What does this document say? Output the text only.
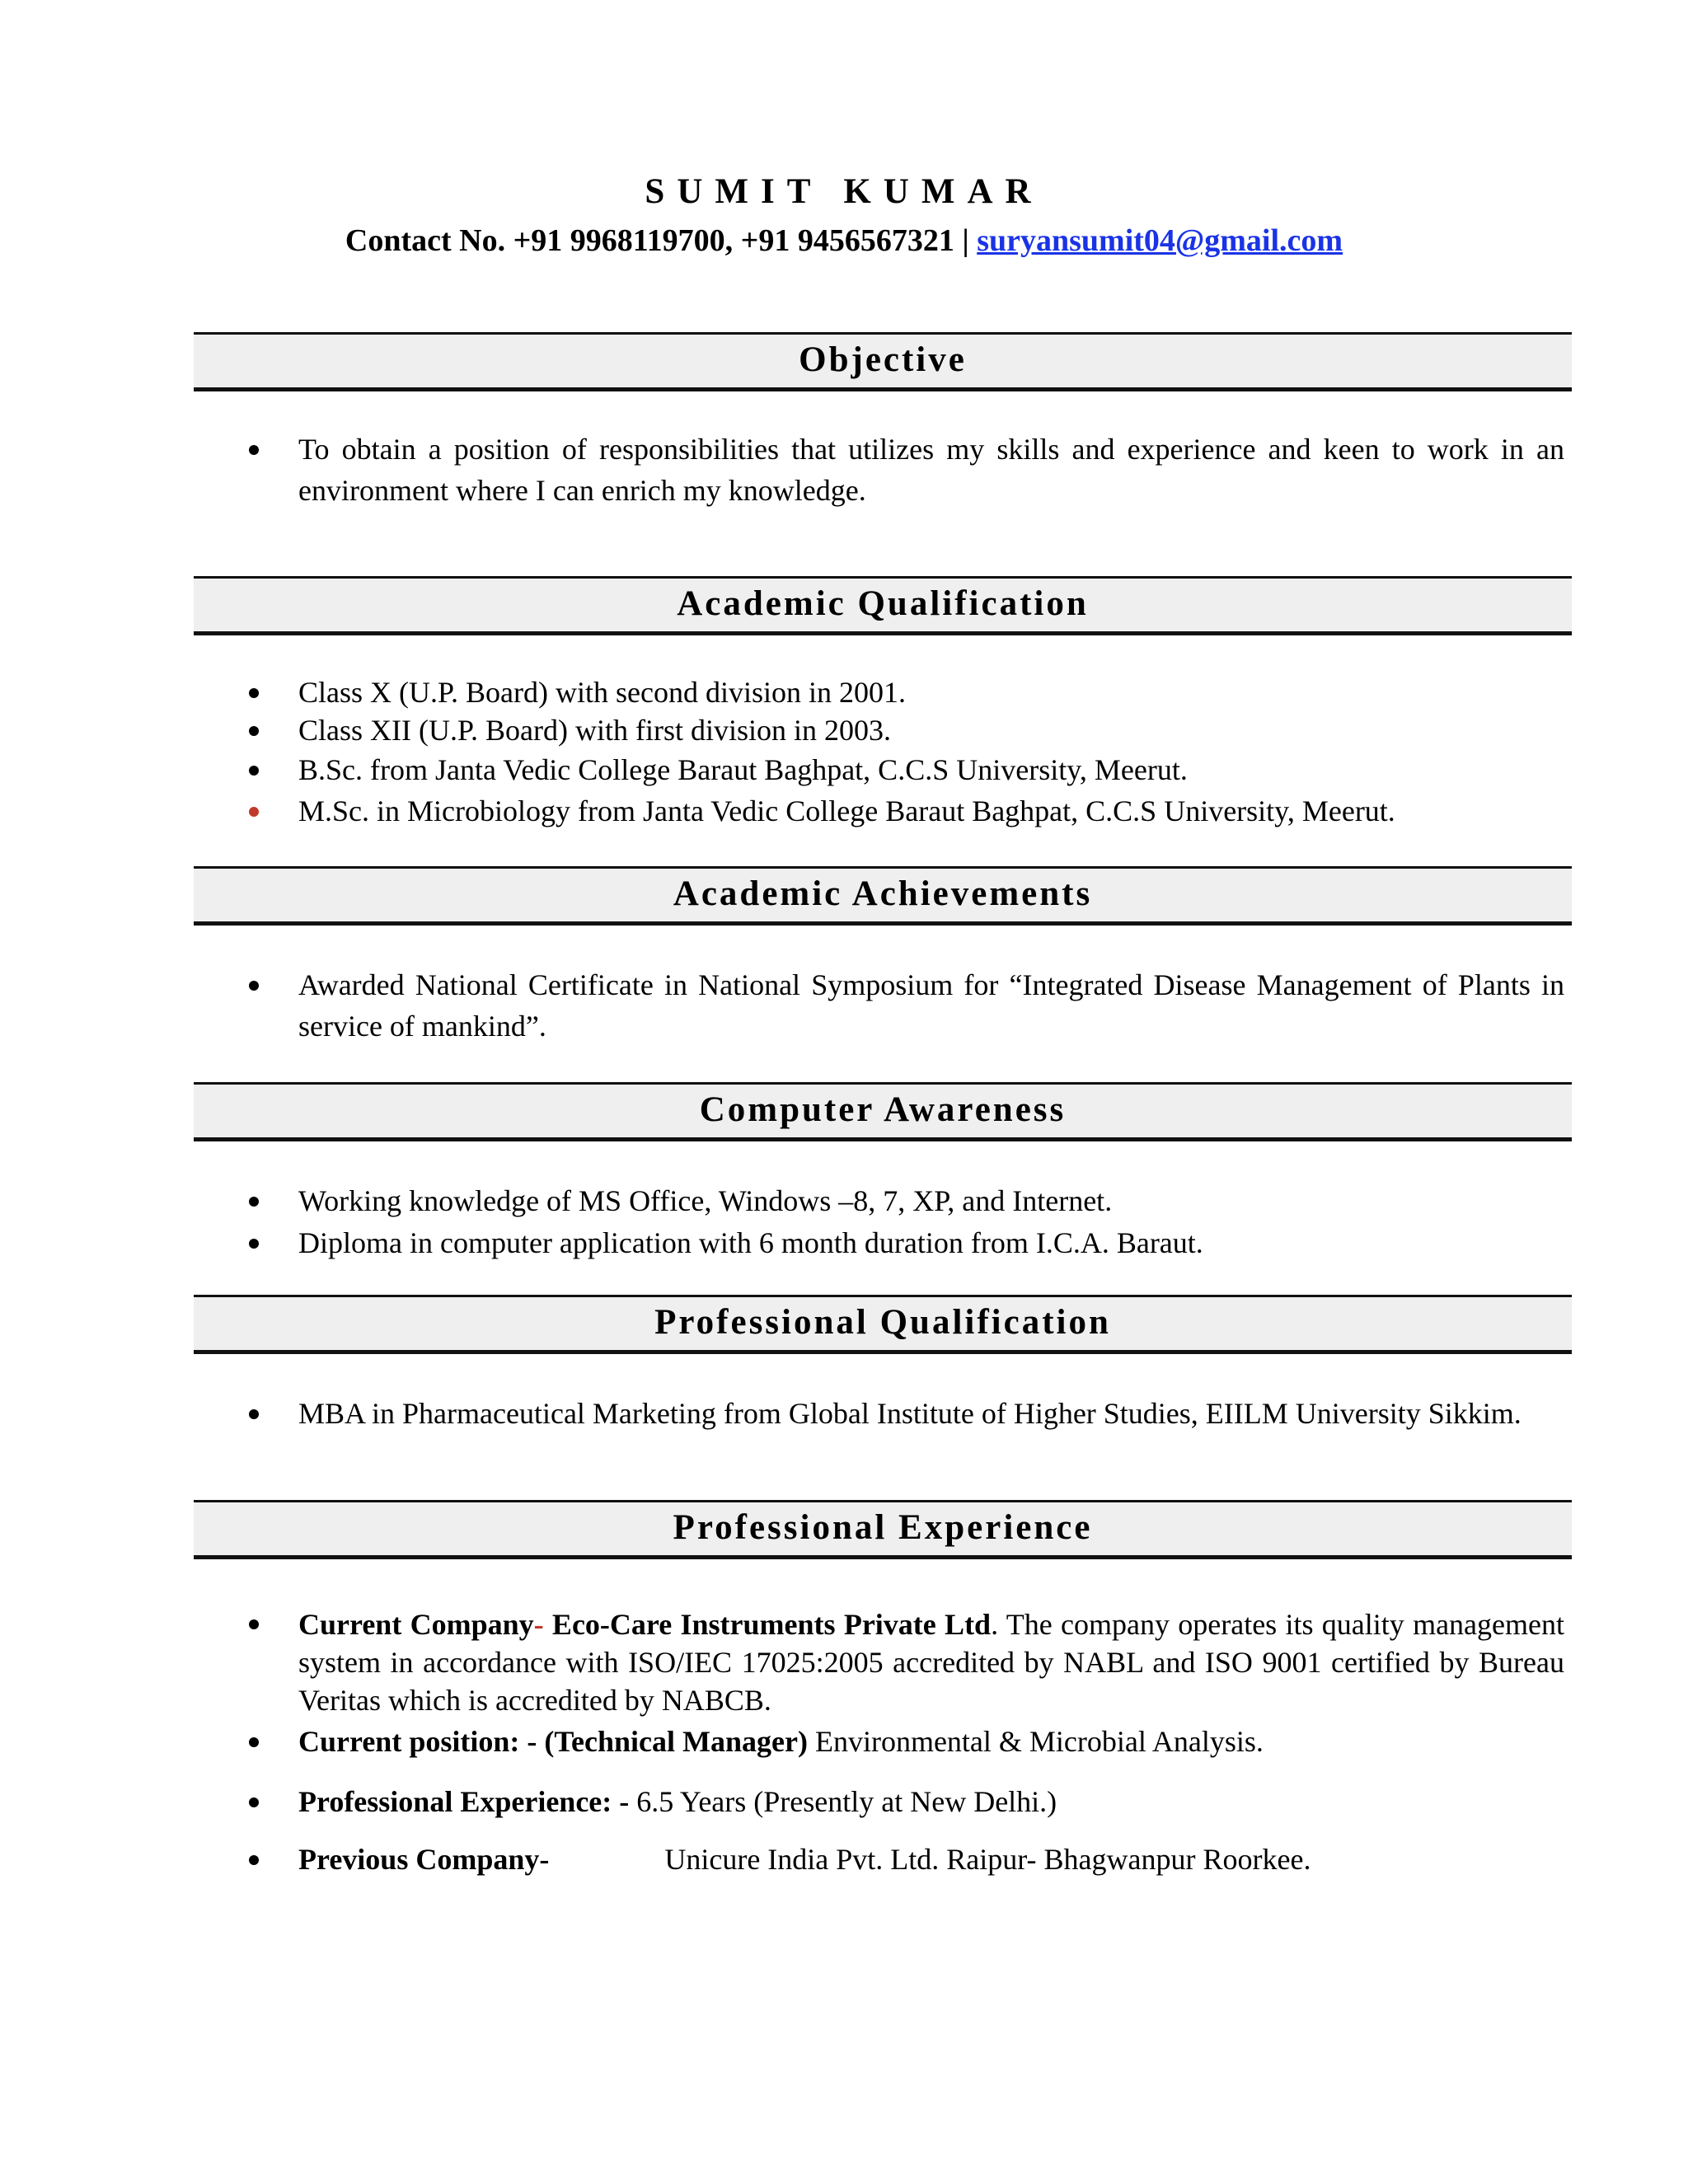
SUMIT KUMAR

Contact No. +91 9968119700, +91 9456567321 | suryansumit04@gmail.com

Objective
To obtain a position of responsibilities that utilizes my skills and experience and keen to work in an environment where I can enrich my knowledge.
Academic Qualification
Class X (U.P. Board) with second division in 2001.
Class XII (U.P. Board) with first division in 2003.
B.Sc. from Janta Vedic College Baraut Baghpat, C.C.S University, Meerut.
M.Sc. in Microbiology from Janta Vedic College Baraut Baghpat, C.C.S University, Meerut.
Academic Achievements
Awarded National Certificate in National Symposium for “Integrated Disease Management of Plants in service of mankind”.
Computer Awareness
Working knowledge of MS Office, Windows –8, 7, XP, and Internet.
Diploma in computer application with 6 month duration from I.C.A. Baraut.
Professional Qualification
MBA in Pharmaceutical Marketing from Global Institute of Higher Studies, EIILM University Sikkim.
Professional Experience
Current Company- Eco-Care Instruments Private Ltd. The company operates its quality management system in accordance with ISO/IEC 17025:2005 accredited by NABL and ISO 9001 certified by Bureau Veritas which is accredited by NABCB.
Current position: - (Technical Manager) Environmental & Microbial Analysis.
Professional Experience: - 6.5 Years (Presently at New Delhi.)
Previous Company-	Unicure India Pvt. Ltd. Raipur- Bhagwanpur Roorkee.
